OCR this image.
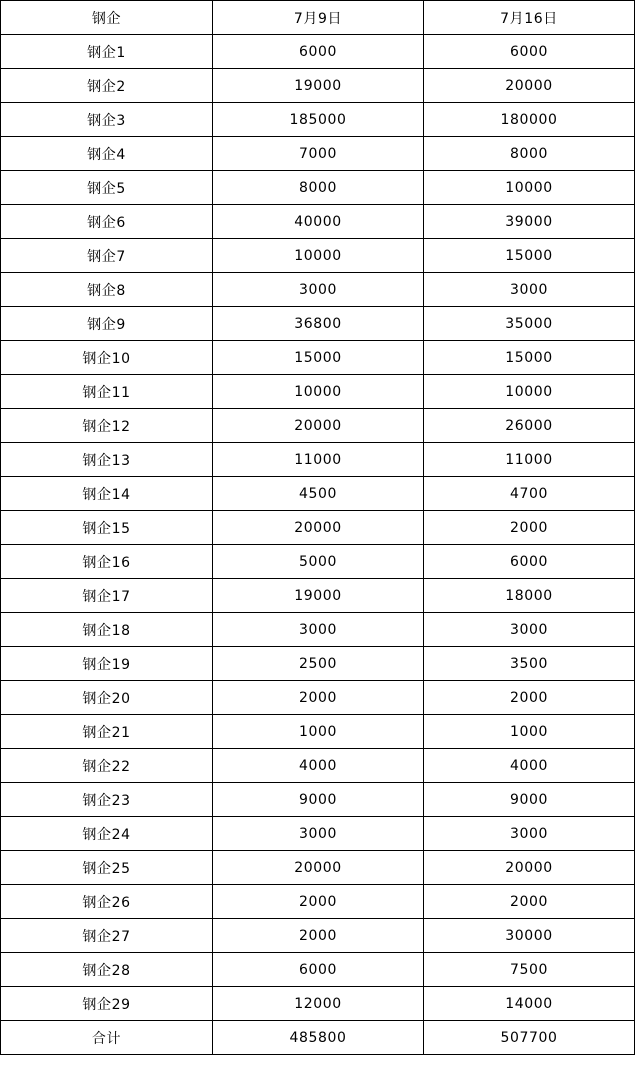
钢企	7月9日	7月16日
钢企1	6000	6000
钢企2	19000	20000
钢企3	185000	180000
钢企4	7000	8000
钢企5	8000	10000
钢企6	40000	39000
钢企7	10000	15000
钢企8	3000	3000
钢企9	36800	35000
钢企10	15000	15000
钢企11	10000	10000
钢企12	20000	26000
钢企13	11000	11000
钢企14	4500	4700
钢企15	20000	2000
钢企16	5000	6000
钢企17	19000	18000
钢企18	3000	3000
钢企19	2500	3500
钢企20	2000	2000
钢企21	1000	1000
钢企22	4000	4000
钢企23	9000	9000
钢企24	3000	3000
钢企25	20000	20000
钢企26	2000	2000
钢企27	2000	30000
钢企28	6000	7500
钢企29	12000	14000
合计	485800	507700
